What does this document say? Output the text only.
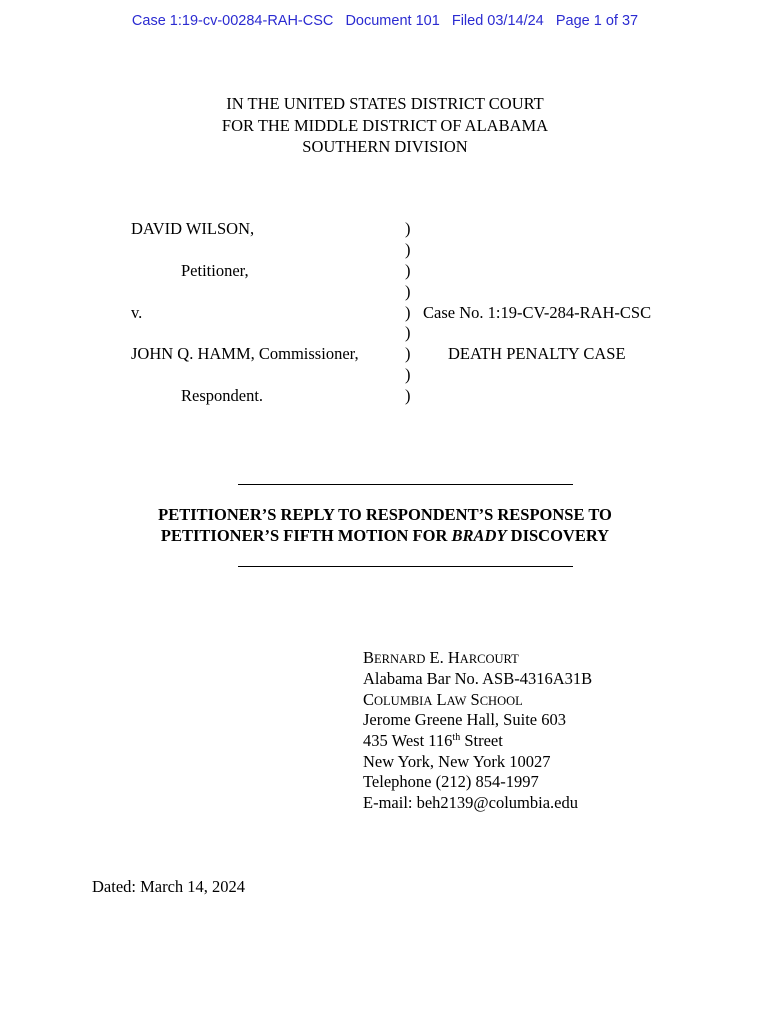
Case 1:19-cv-00284-RAH-CSC   Document 101   Filed 03/14/24   Page 1 of 37
IN THE UNITED STATES DISTRICT COURT
FOR THE MIDDLE DISTRICT OF ALABAMA
SOUTHERN DIVISION
DAVID WILSON,
Petitioner,
v.
JOHN Q. HAMM, Commissioner,
Respondent.
)
)
)
)
)
)
)
)
)
Case No. 1:19-CV-284-RAH-CSC
DEATH PENALTY CASE
PETITIONER’S REPLY TO RESPONDENT’S RESPONSE TO
PETITIONER’S FIFTH MOTION FOR BRADY DISCOVERY
BERNARD E. HARCOURT
Alabama Bar No. ASB-4316A31B
COLUMBIA LAW SCHOOL
Jerome Greene Hall, Suite 603
435 West 116th Street
New York, New York 10027
Telephone (212) 854-1997
E-mail: beh2139@columbia.edu
Dated: March 14, 2024
